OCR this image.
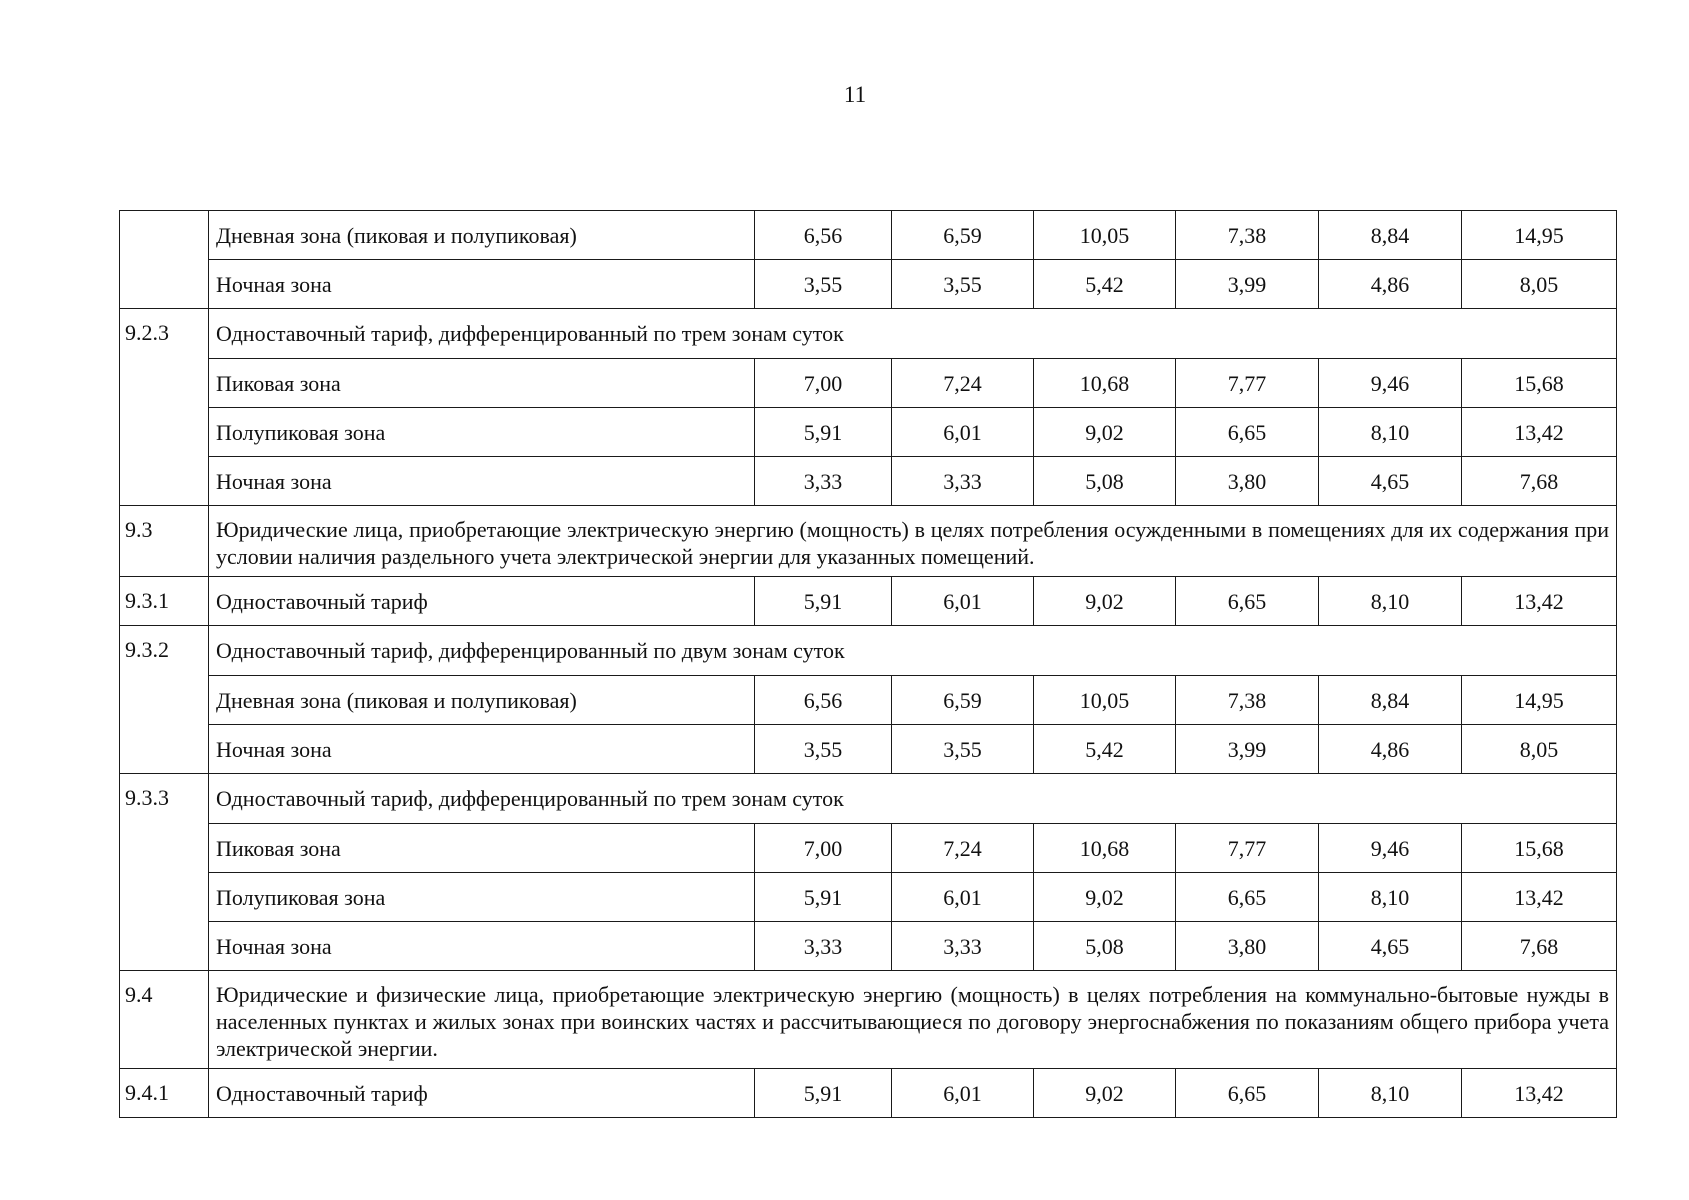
11
	Дневная зона (пиковая и полупиковая)	6,56	6,59	10,05	7,38	8,84	14,95
	Ночная зона	3,55	3,55	5,42	3,99	4,86	8,05
9.2.3	Одноставочный тариф, дифференцированный по трем зонам суток						
	Пиковая зона	7,00	7,24	10,68	7,77	9,46	15,68
	Полупиковая зона	5,91	6,01	9,02	6,65	8,10	13,42
	Ночная зона	3,33	3,33	5,08	3,80	4,65	7,68
9.3	Юридические лица, приобретающие электрическую энергию (мощность) в целях потребления осужденными в помещениях для их содержания при условии наличия раздельного учета электрической энергии для указанных помещений.						
9.3.1	Одноставочный тариф	5,91	6,01	9,02	6,65	8,10	13,42
9.3.2	Одноставочный тариф, дифференцированный по двум зонам суток						
	Дневная зона (пиковая и полупиковая)	6,56	6,59	10,05	7,38	8,84	14,95
	Ночная зона	3,55	3,55	5,42	3,99	4,86	8,05
9.3.3	Одноставочный тариф, дифференцированный по трем зонам суток						
	Пиковая зона	7,00	7,24	10,68	7,77	9,46	15,68
	Полупиковая зона	5,91	6,01	9,02	6,65	8,10	13,42
	Ночная зона	3,33	3,33	5,08	3,80	4,65	7,68
9.4	Юридические и физические лица, приобретающие электрическую энергию (мощность) в целях потребления на коммунально-бытовые нужды в населенных пунктах и жилых зонах при воинских частях и рассчитывающиеся по договору энергоснабжения по показаниям общего прибора учета электрической энергии.						
9.4.1	Одноставочный тариф	5,91	6,01	9,02	6,65	8,10	13,42
